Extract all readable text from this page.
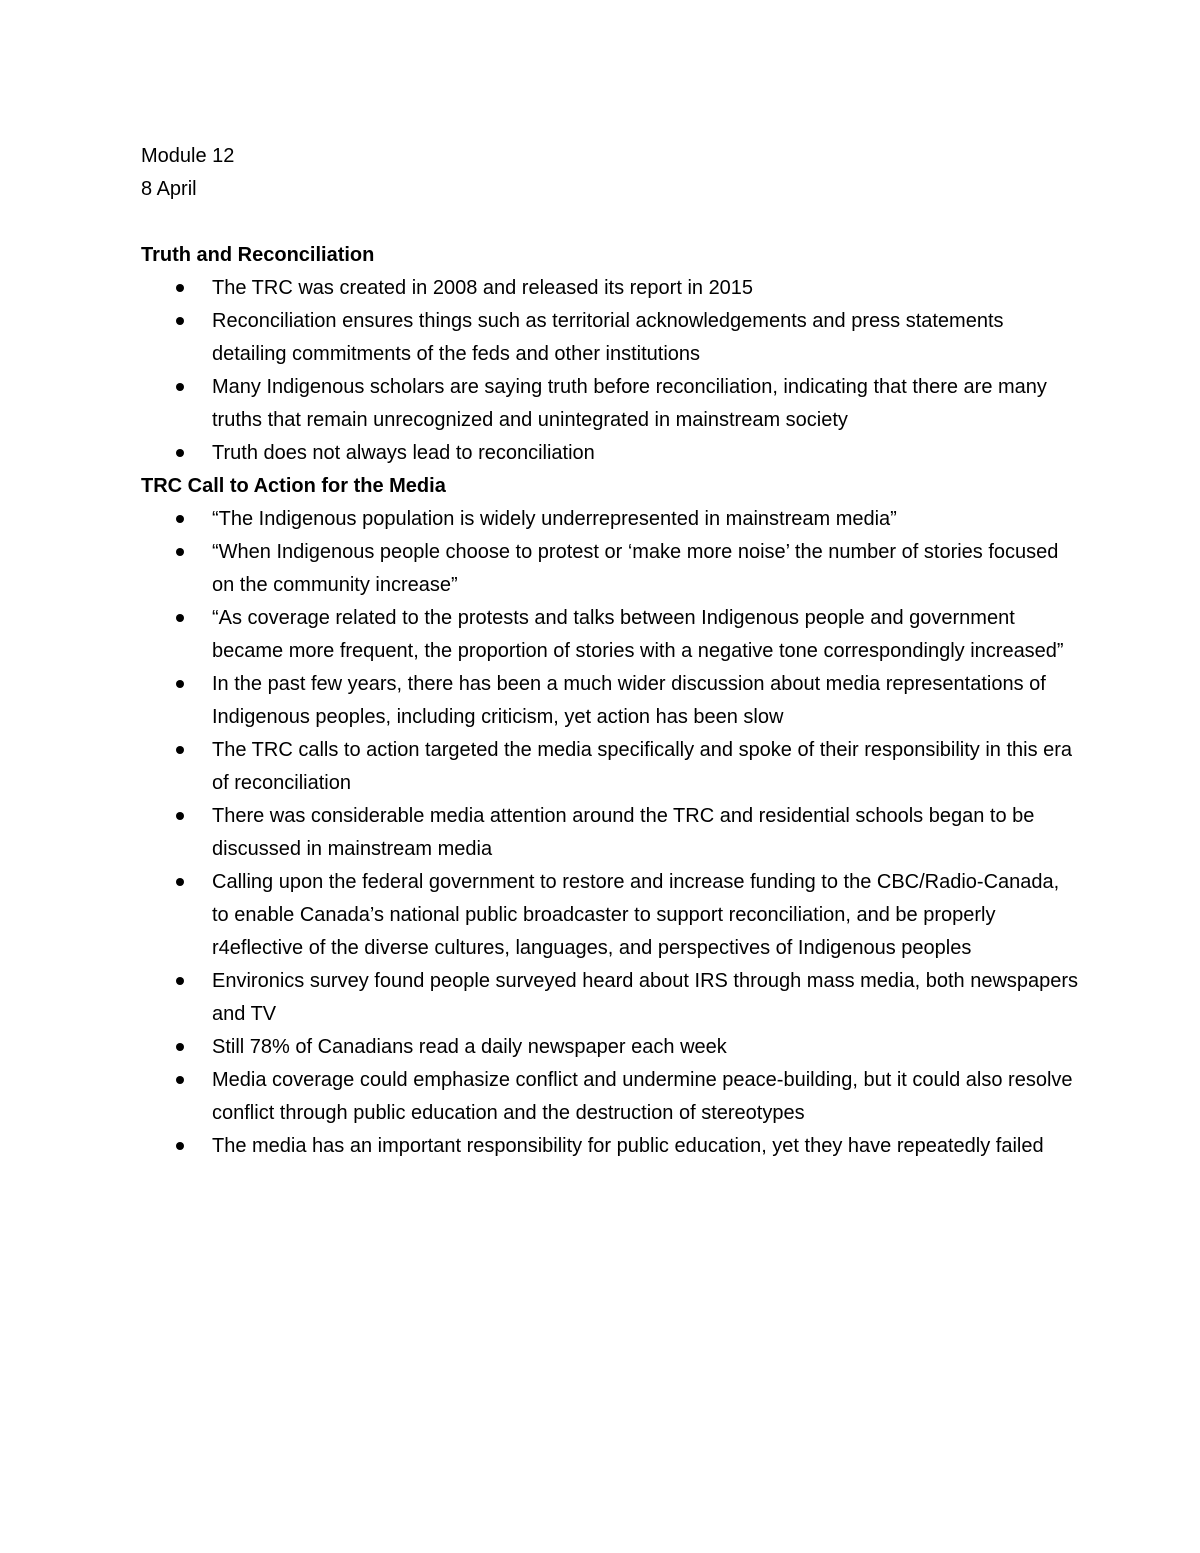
Module 12

8 April

Truth and Reconciliation

The TRC was created in 2008 and released its report in 2015
Reconciliation ensures things such as territorial acknowledgements and press statements detailing commitments of the feds and other institutions
Many Indigenous scholars are saying truth before reconciliation, indicating that there are many truths that remain unrecognized and unintegrated in mainstream society
Truth does not always lead to reconciliation

TRC Call to Action for the Media

“The Indigenous population is widely underrepresented in mainstream media”
“When Indigenous people choose to protest or ‘make more noise’ the number of stories focused on the community increase”
“As coverage related to the protests and talks between Indigenous people and government became more frequent, the proportion of stories with a negative tone correspondingly increased”
In the past few years, there has been a much wider discussion about media representations of Indigenous peoples, including criticism, yet action has been slow
The TRC calls to action targeted the media specifically and spoke of their responsibility in this era of reconciliation
There was considerable media attention around the TRC and residential schools began to be discussed in mainstream media
Calling upon the federal government to restore and increase funding to the CBC/Radio-Canada, to enable Canada’s national public broadcaster to support reconciliation, and be properly r4eflective of the diverse cultures, languages, and perspectives of Indigenous peoples
Environics survey found people surveyed heard about IRS through mass media, both newspapers and TV
Still 78% of Canadians read a daily newspaper each week
Media coverage could emphasize conflict and undermine peace-building, but it could also resolve conflict through public education and the destruction of stereotypes
The media has an important responsibility for public education, yet they have repeatedly failed
